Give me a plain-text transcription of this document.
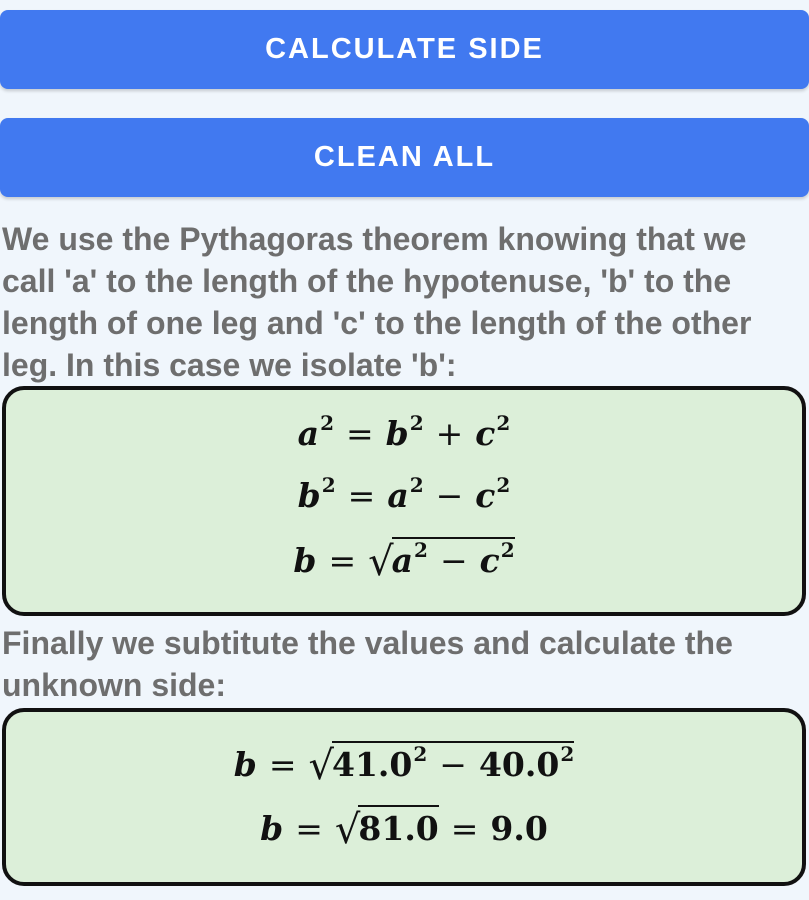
CALCULATE SIDE
CLEAN ALL

We use the Pythagoras theorem knowing that we call 'a' to the length of the hypotenuse, 'b' to the length of one leg and 'c' to the length of the other leg. In this case we isolate 'b':

$a^2 = b^2 + c^2$
$b^2 = a^2 - c^2$
$b = √a^2 - c^2$

Finally we subtitute the values and calculate the unknown side:

$b = √41.0^2 - 40.0^2$
b = √81.0 = 9.0
